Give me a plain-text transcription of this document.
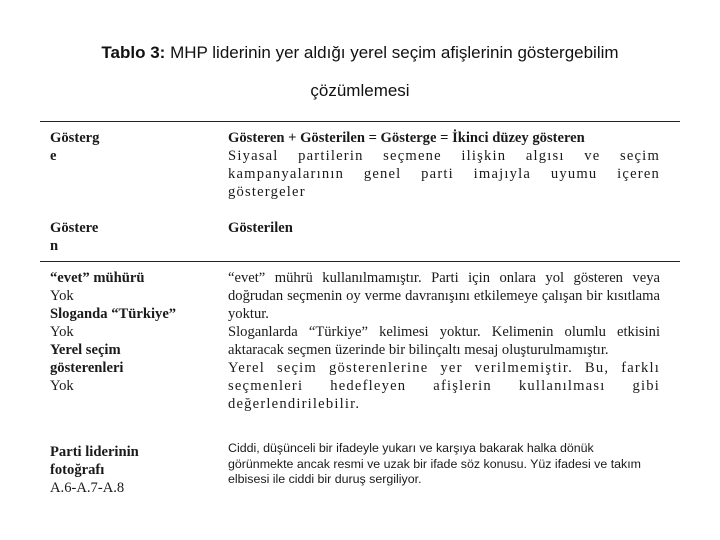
Tablo 3: MHP liderinin yer aldığı yerel seçim afişlerinin göstergebilim
çözümlemesi
Gösterg
e
Gösteren + Gösterilen = Gösterge = İkinci düzey gösteren
Siyasal partilerin seçmene ilişkin algısı ve seçim kampanyalarının genel parti imajıyla uyumu içeren göstergeler
Göstere
n
Gösterilen
“evet” mühürü
Yok
Sloganda “Türkiye”
Yok
Yerel seçim
gösterenleri
Yok
“evet” mührü kullanılmamıştır. Parti için onlara yol gösteren veya doğrudan seçmenin oy verme davranışını etkilemeye çalışan bir kısıtlama yoktur.
Sloganlarda “Türkiye” kelimesi yoktur. Kelimenin olumlu etkisini aktaracak seçmen üzerinde bir bilinçaltı mesaj oluşturulmamıştır.
Yerel seçim gösterenlerine yer verilmemiştir. Bu, farklı seçmenleri hedefleyen afişlerin kullanılması gibi değerlendirilebilir.
Parti liderinin
fotoğrafı
A.6-A.7-A.8
Ciddi, düşünceli bir ifadeyle yukarı ve karşıya bakarak halka dönük görünmekte ancak resmi ve uzak bir ifade söz konusu. Yüz ifadesi ve takım elbisesi ile ciddi bir duruş sergiliyor.
